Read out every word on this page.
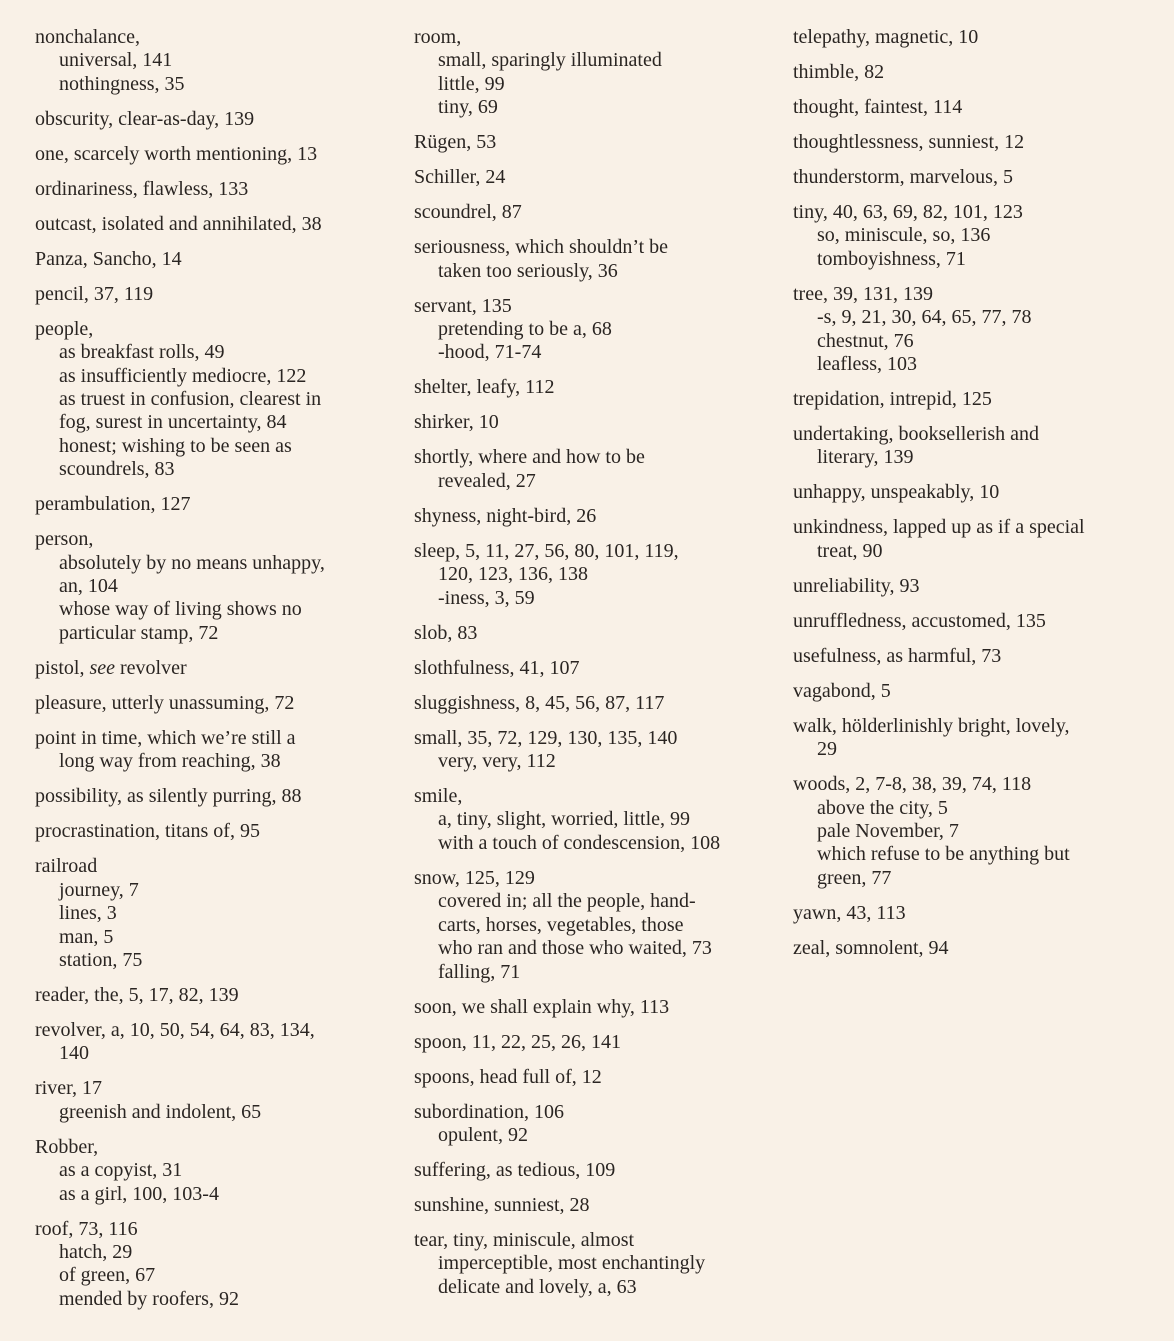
nonchalance,
universal, 141
nothingness, 35
obscurity, clear-as-day, 139
one, scarcely worth mentioning, 13
ordinariness, flawless, 133
outcast, isolated and annihilated, 38
Panza, Sancho, 14
pencil, 37, 119
people,
as breakfast rolls, 49
as insufficiently mediocre, 122
as truest in confusion, clearest in
fog, surest in uncertainty, 84
honest; wishing to be seen as
scoundrels, 83
perambulation, 127
person,
absolutely by no means unhappy,
an, 104
whose way of living shows no
particular stamp, 72
pistol, see revolver
pleasure, utterly unassuming, 72
point in time, which we’re still a
long way from reaching, 38
possibility, as silently purring, 88
procrastination, titans of, 95
railroad
journey, 7
lines, 3
man, 5
station, 75
reader, the, 5, 17, 82, 139
revolver, a, 10, 50, 54, 64, 83, 134,
140
river, 17
greenish and indolent, 65
Robber,
as a copyist, 31
as a girl, 100, 103-4
roof, 73, 116
hatch, 29
of green, 67
mended by roofers, 92
room,
small, sparingly illuminated
little, 99
tiny, 69
Rügen, 53
Schiller, 24
scoundrel, 87
seriousness, which shouldn’t be
taken too seriously, 36
servant, 135
pretending to be a, 68
-hood, 71-74
shelter, leafy, 112
shirker, 10
shortly, where and how to be
revealed, 27
shyness, night-bird, 26
sleep, 5, 11, 27, 56, 80, 101, 119,
120, 123, 136, 138
-iness, 3, 59
slob, 83
slothfulness, 41, 107
sluggishness, 8, 45, 56, 87, 117
small, 35, 72, 129, 130, 135, 140
very, very, 112
smile,
a, tiny, slight, worried, little, 99
with a touch of condescension, 108
snow, 125, 129
covered in; all the people, hand-
carts, horses, vegetables, those
who ran and those who waited, 73
falling, 71
soon, we shall explain why, 113
spoon, 11, 22, 25, 26, 141
spoons, head full of, 12
subordination, 106
opulent, 92
suffering, as tedious, 109
sunshine, sunniest, 28
tear, tiny, miniscule, almost
imperceptible, most enchantingly
delicate and lovely, a, 63
telepathy, magnetic, 10
thimble, 82
thought, faintest, 114
thoughtlessness, sunniest, 12
thunderstorm, marvelous, 5
tiny, 40, 63, 69, 82, 101, 123
so, miniscule, so, 136
tomboyishness, 71
tree, 39, 131, 139
-s, 9, 21, 30, 64, 65, 77, 78
chestnut, 76
leafless, 103
trepidation, intrepid, 125
undertaking, booksellerish and
literary, 139
unhappy, unspeakably, 10
unkindness, lapped up as if a special
treat, 90
unreliability, 93
unruffledness, accustomed, 135
usefulness, as harmful, 73
vagabond, 5
walk, hölderlinishly bright, lovely,
29
woods, 2, 7-8, 38, 39, 74, 118
above the city, 5
pale November, 7
which refuse to be anything but
green, 77
yawn, 43, 113
zeal, somnolent, 94
